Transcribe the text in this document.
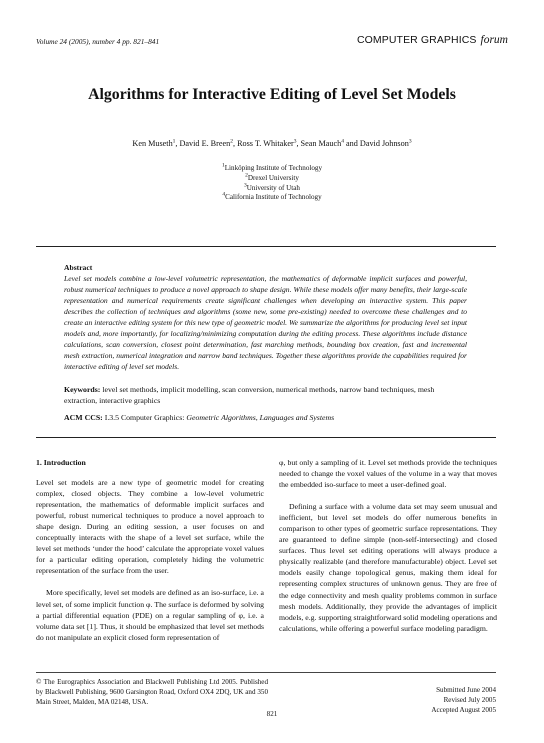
Volume 24 (2005), number 4 pp. 821–841	COMPUTER GRAPHICS forum
Algorithms for Interactive Editing of Level Set Models
Ken Museth$^1$, David E. Breen$^2$, Ross T. Whitaker$^3$, Sean Mauch$^4$ and David Johnson$^3$
$^1$Linköping Institute of Technology
$^2$Drexel University
$^3$University of Utah
$^4$California Institute of Technology
Abstract
Level set models combine a low-level volumetric representation, the mathematics of deformable implicit surfaces and powerful, robust numerical techniques to produce a novel approach to shape design. While these models offer many benefits, their large-scale representation and numerical requirements create significant challenges when developing an interactive system. This paper describes the collection of techniques and algorithms (some new, some pre-existing) needed to overcome these challenges and to create an interactive editing system for this new type of geometric model. We summarize the algorithms for producing level set input models and, more importantly, for localizing/minimizing computation during the editing process. These algorithms include distance calculations, scan conversion, closest point determination, fast marching methods, bounding box creation, fast and incremental mesh extraction, numerical integration and narrow band techniques. Together these algorithms provide the capabilities required for interactive editing of level set models.
Keywords: level set methods, implicit modelling, scan conversion, numerical methods, narrow band techniques, mesh extraction, interactive graphics
ACM CCS: I.3.5 Computer Graphics: Geometric Algorithms, Languages and Systems

1. Introduction

Level set models are a new type of geometric model for creating complex, closed objects. They combine a low-level volumetric representation, the mathematics of deformable implicit surfaces and powerful, robust numerical techniques to produce a novel approach to shape design. During an editing session, a user focuses on and conceptually interacts with the shape of a level set surface, while the level set methods ‘under the hood’ calculate the appropriate voxel values for a particular editing operation, completely hiding the volumetric representation of the surface from the user.

More specifically, level set models are defined as an iso-surface, i.e. a level set, of some implicit function φ. The surface is deformed by solving a partial differential equation (PDE) on a regular sampling of φ, i.e. a volume data set [1]. Thus, it should be emphasized that level set methods do not manipulate an explicit closed form representation of

φ, but only a sampling of it. Level set methods provide the techniques needed to change the voxel values of the volume in a way that moves the embedded iso-surface to meet a user-defined goal.

Defining a surface with a volume data set may seem unusual and inefficient, but level set models do offer numerous benefits in comparison to other types of geometric surface representations. They are guaranteed to define simple (non-self-intersecting) and closed surfaces. Thus level set editing operations will always produce a physically realizable (and therefore manufacturable) object. Level set models easily change topological genus, making them ideal for representing complex structures of unknown genus. They are free of the edge connectivity and mesh quality problems common in surface mesh models. Additionally, they provide the advantages of implicit models, e.g. supporting straightforward solid modeling operations and calculations, while offering a powerful surface modeling paradigm.

© The Eurographics Association and Blackwell Publishing Ltd 2005. Published by Blackwell Publishing, 9600 Garsington Road, Oxford OX4 2DQ, UK and 350 Main Street, Malden, MA 02148, USA.
Submitted June 2004
Revised July 2005
Accepted August 2005
821
